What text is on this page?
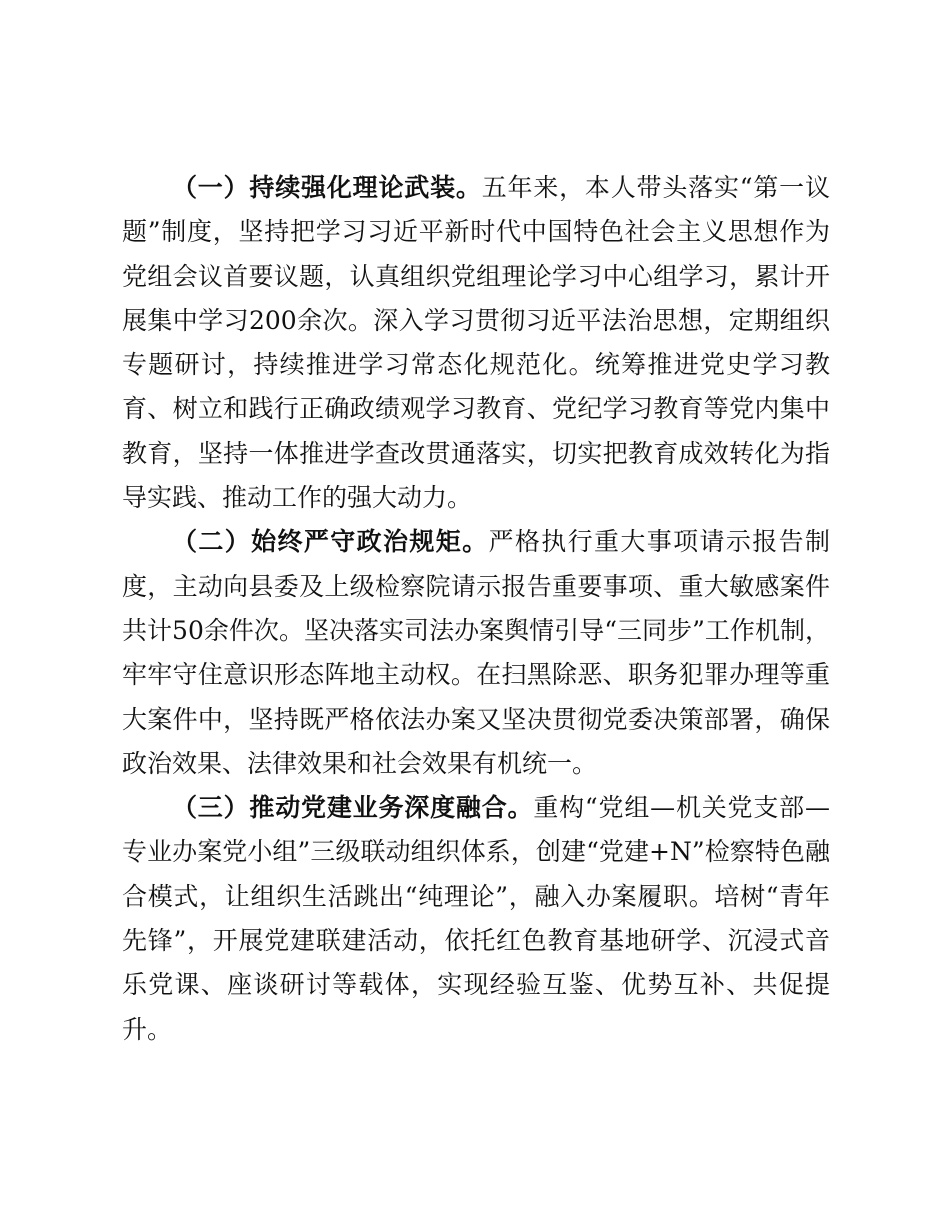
（一）持续强化理论武装。五年来，本人带头落实“第一议题”制度，坚持把学习习近平新时代中国特色社会主义思想作为党组会议首要议题，认真组织党组理论学习中心组学习，累计开展集中学习200余次。深入学习贯彻习近平法治思想，定期组织专题研讨，持续推进学习常态化规范化。统筹推进党史学习教育、树立和践行正确政绩观学习教育、党纪学习教育等党内集中教育，坚持一体推进学查改贯通落实，切实把教育成效转化为指导实践、推动工作的强大动力。

（二）始终严守政治规矩。严格执行重大事项请示报告制度，主动向县委及上级检察院请示报告重要事项、重大敏感案件共计50余件次。坚决落实司法办案舆情引导“三同步”工作机制，牢牢守住意识形态阵地主动权。在扫黑除恶、职务犯罪办理等重大案件中，坚持既严格依法办案又坚决贯彻党委决策部署，确保政治效果、法律效果和社会效果有机统一。

（三）推动党建业务深度融合。重构“党组—机关党支部—专业办案党小组”三级联动组织体系，创建“党建+N”检察特色融合模式，让组织生活跳出“纯理论”，融入办案履职。培树“青年先锋”，开展党建联建活动，依托红色教育基地研学、沉浸式音乐党课、座谈研讨等载体，实现经验互鉴、优势互补、共促提升。
